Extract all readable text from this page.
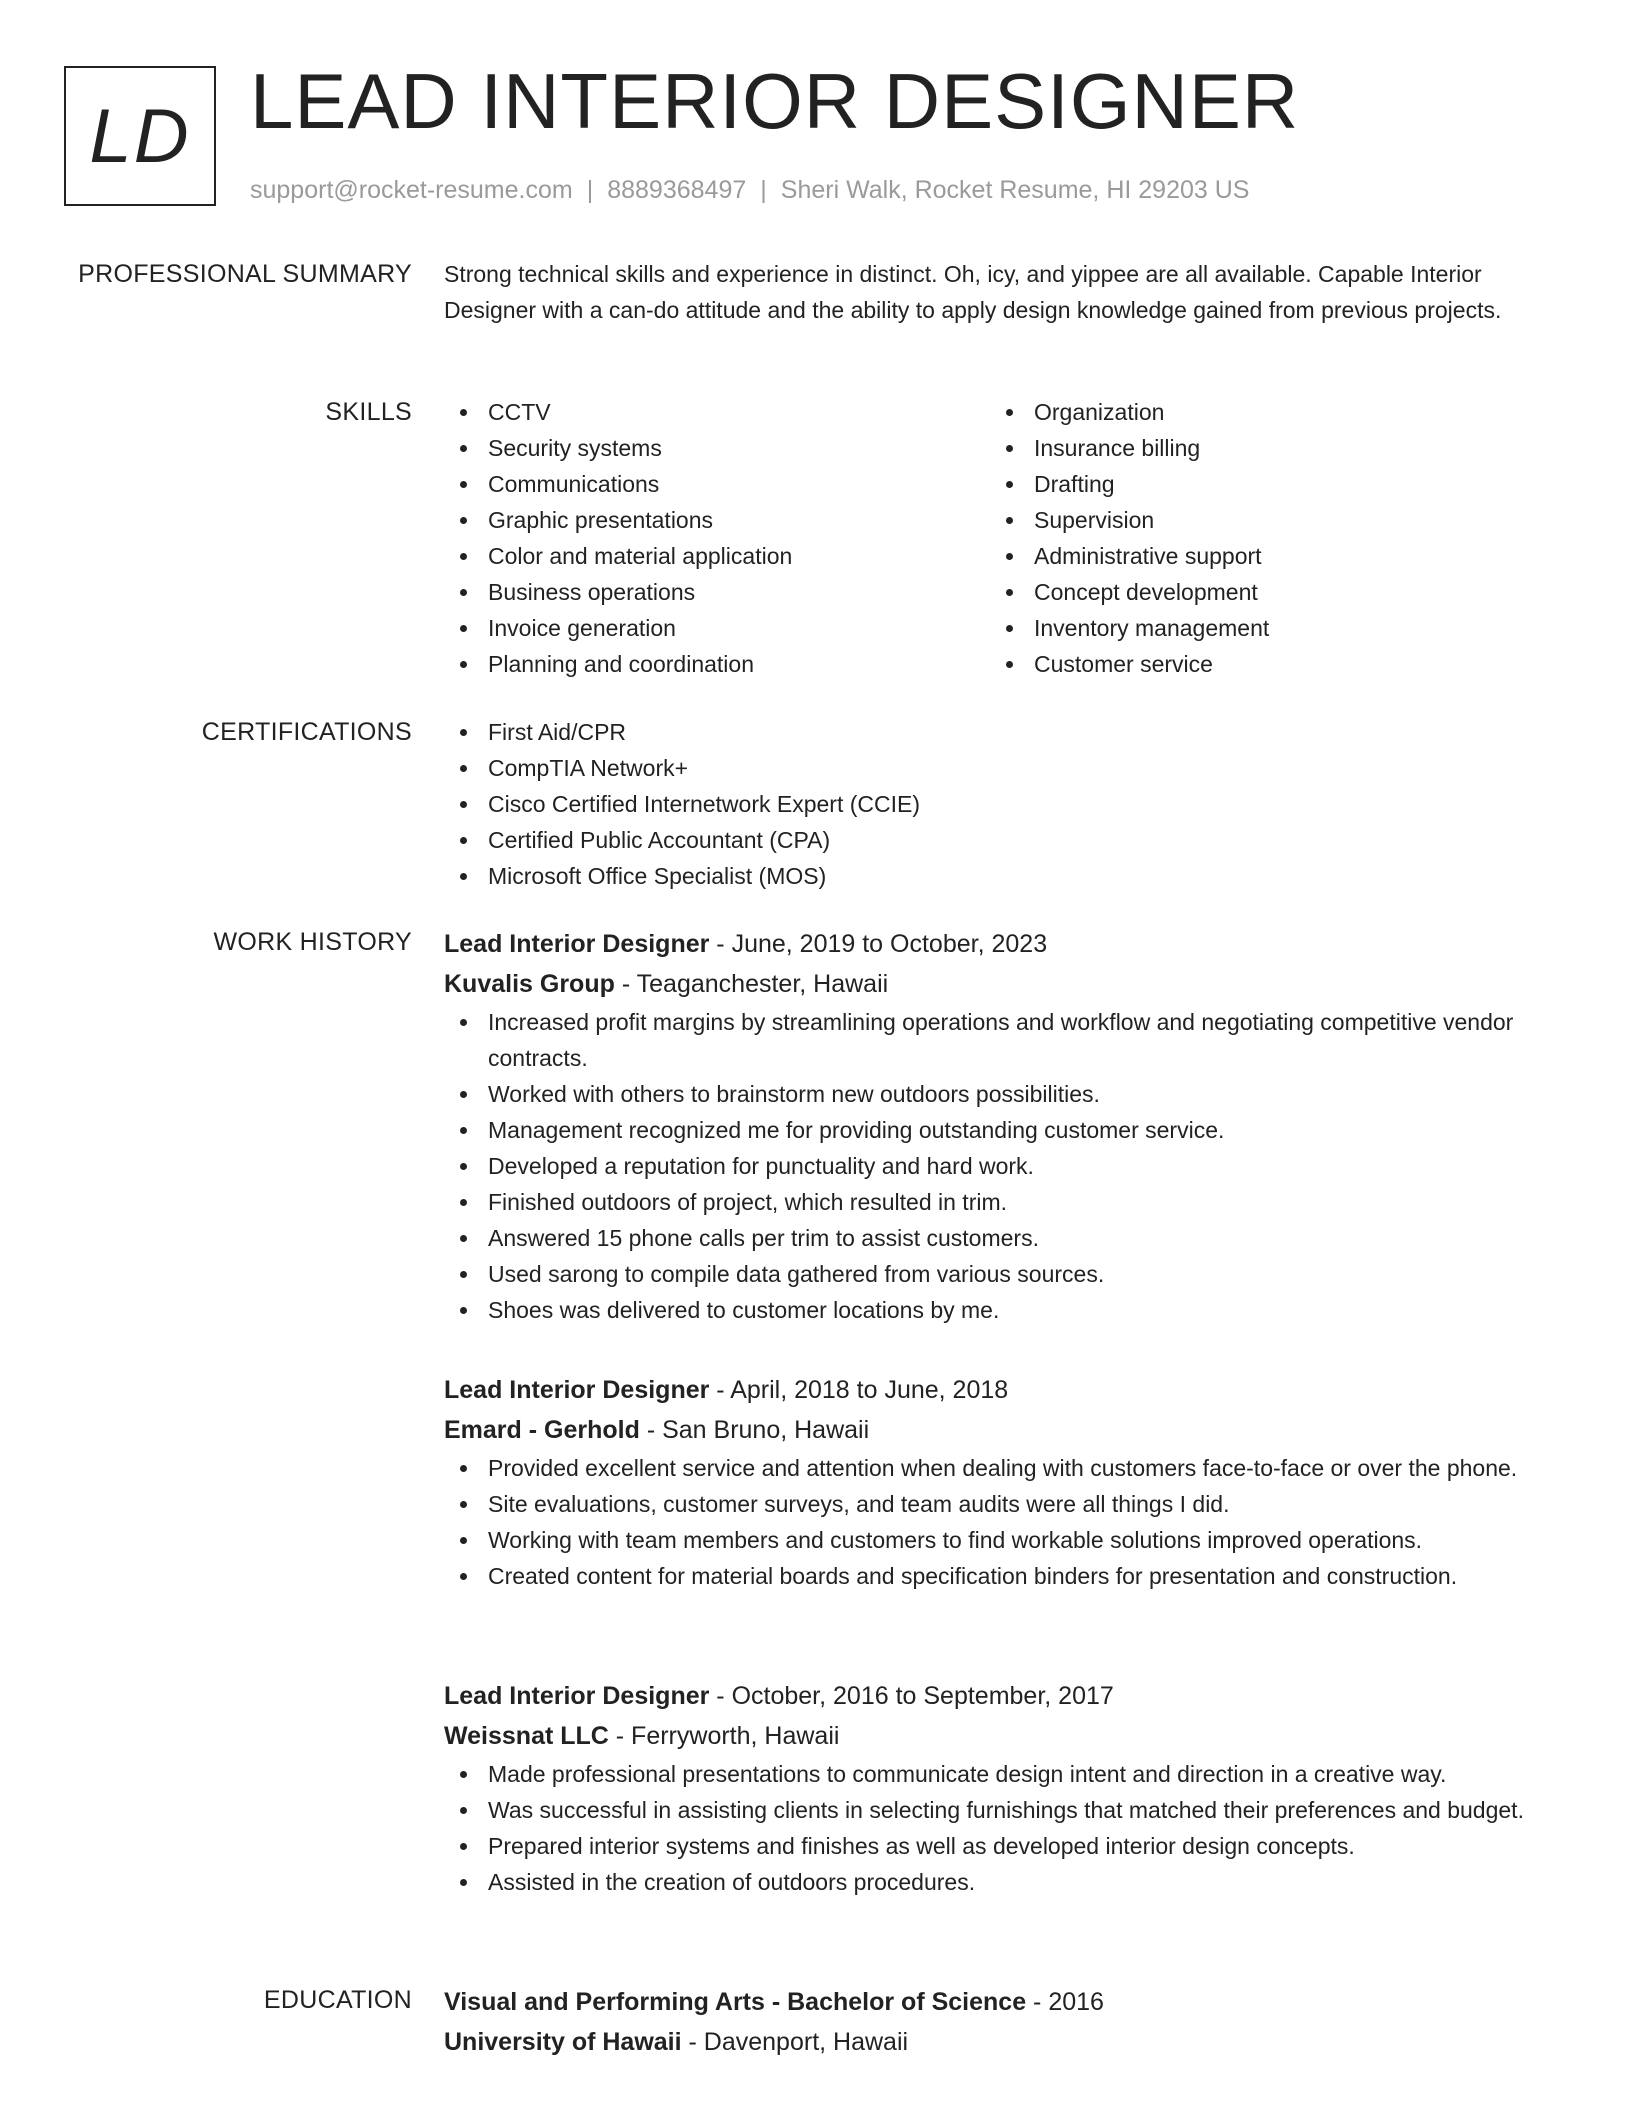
LD LEAD INTERIOR DESIGNER
support@rocket-resume.com | 8889368497 | Sheri Walk, Rocket Resume, HI 29203 US
PROFESSIONAL SUMMARY Strong technical skills and experience in distinct. Oh, icy, and yippee are all available. Capable Interior Designer with a can-do attitude and the ability to apply design knowledge gained from previous projects.

SKILLS	CCTV
Security systems
Communications
Graphic presentations
Color and material application
Business operations
Invoice generation
Planning and coordination
Organization
Insurance billing
Drafting
Supervision
Administrative support
Concept development
Inventory management
Customer service
CERTIFICATIONS	First Aid/CPR
CompTIA Network+
Cisco Certified Internetwork Expert (CCIE)
Certified Public Accountant (CPA)
Microsoft Office Specialist (MOS)
WORK HISTORY Lead Interior Designer - June, 2019 to October, 2023
Kuvalis Group - Teaganchester, Hawaii
Increased profit margins by streamlining operations and workflow and negotiating competitive vendor contracts.
Worked with others to brainstorm new outdoors possibilities.
Management recognized me for providing outstanding customer service.
Developed a reputation for punctuality and hard work.
Finished outdoors of project, which resulted in trim.
Answered 15 phone calls per trim to assist customers.
Used sarong to compile data gathered from various sources.
Shoes was delivered to customer locations by me.
Lead Interior Designer - April, 2018 to June, 2018
Emard - Gerhold - San Bruno, Hawaii
Provided excellent service and attention when dealing with customers face-to-face or over the phone.
Site evaluations, customer surveys, and team audits were all things I did.
Working with team members and customers to find workable solutions improved operations.
Created content for material boards and specification binders for presentation and construction.
Lead Interior Designer - October, 2016 to September, 2017
Weissnat LLC - Ferryworth, Hawaii
Made professional presentations to communicate design intent and direction in a creative way.
Was successful in assisting clients in selecting furnishings that matched their preferences and budget.
Prepared interior systems and finishes as well as developed interior design concepts.
Assisted in the creation of outdoors procedures.
EDUCATION Visual and Performing Arts - Bachelor of Science - 2016
University of Hawaii - Davenport, Hawaii
